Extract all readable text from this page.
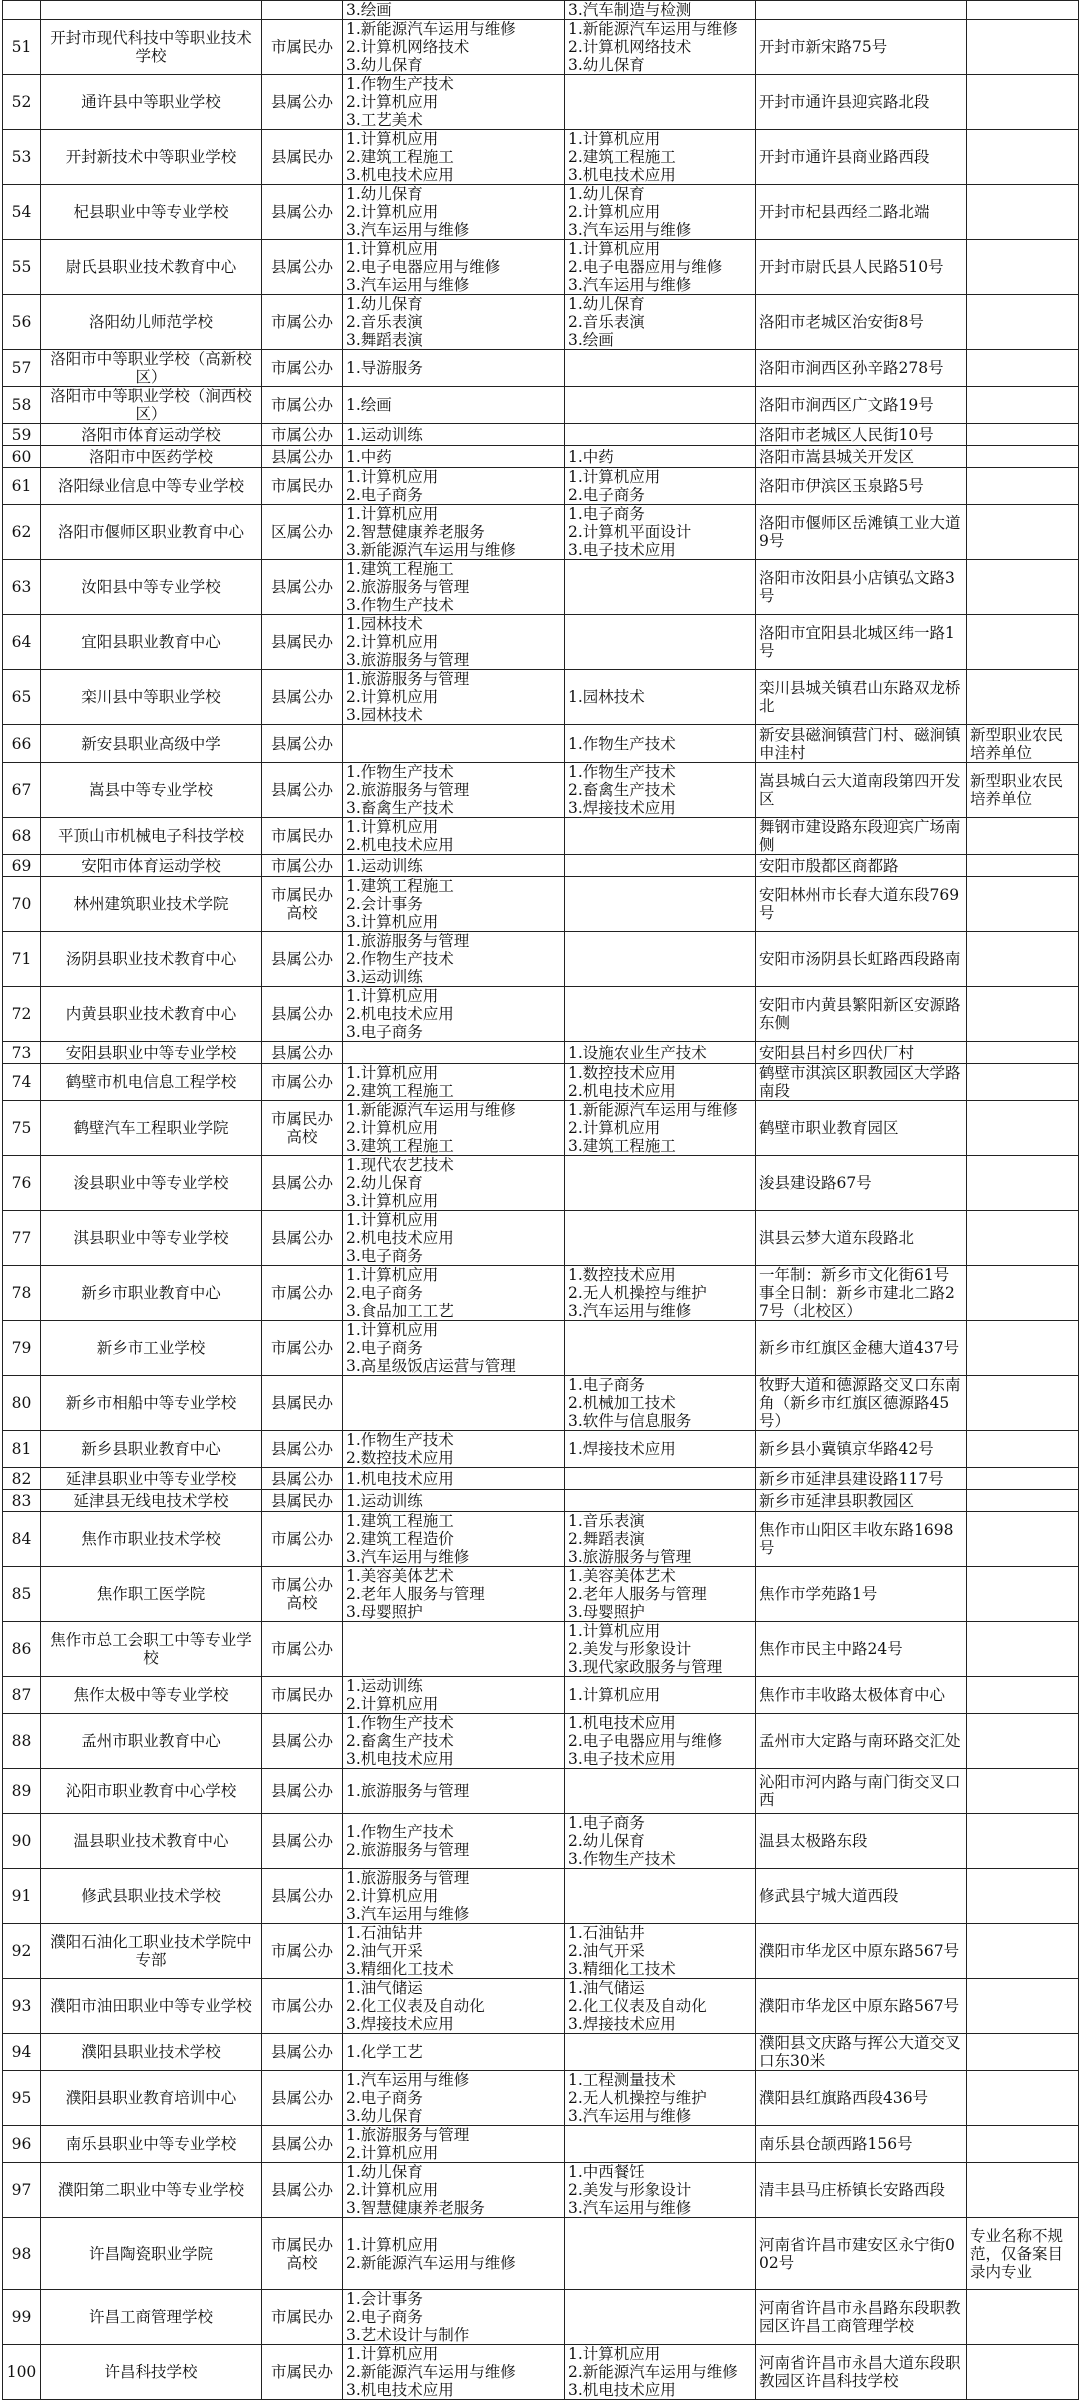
			3.绘画	3.汽车制造与检测		

51	开封市现代科技中等职业技术学校	市属民办	1.新能源汽车运用与维修
2.计算机网络技术
3.幼儿保育	1.新能源汽车运用与维修
2.计算机网络技术
3.幼儿保育	开封市新宋路75号	

52	通许县中等职业学校	县属公办	1.作物生产技术
2.计算机应用
3.工艺美术		开封市通许县迎宾路北段	

53	开封新技术中等职业学校	县属民办	1.计算机应用
2.建筑工程施工
3.机电技术应用	1.计算机应用
2.建筑工程施工
3.机电技术应用	开封市通许县商业路西段	

54	杞县职业中等专业学校	县属公办	1.幼儿保育
2.计算机应用
3.汽车运用与维修	1.幼儿保育
2.计算机应用
3.汽车运用与维修	开封市杞县西经二路北端	

55	尉氏县职业技术教育中心	县属公办	1.计算机应用
2.电子电器应用与维修
3.汽车运用与维修	1.计算机应用
2.电子电器应用与维修
3.汽车运用与维修	开封市尉氏县人民路510号	

56	洛阳幼儿师范学校	市属公办	1.幼儿保育
2.音乐表演
3.舞蹈表演	1.幼儿保育
2.音乐表演
3.绘画	洛阳市老城区治安街8号	

57	洛阳市中等职业学校（高新校区）	市属公办	1.导游服务		洛阳市涧西区孙辛路278号	

58	洛阳市中等职业学校（涧西校区）	市属公办	1.绘画		洛阳市涧西区广文路19号	

59	洛阳市体育运动学校	市属公办	1.运动训练		洛阳市老城区人民街10号	

60	洛阳市中医药学校	县属公办	1.中药	1.中药	洛阳市嵩县城关开发区	

61	洛阳绿业信息中等专业学校	市属民办	1.计算机应用
2.电子商务	1.计算机应用
2.电子商务	洛阳市伊滨区玉泉路5号	

62	洛阳市偃师区职业教育中心	区属公办	1.计算机应用
2.智慧健康养老服务
3.新能源汽车运用与维修	1.电子商务
2.计算机平面设计
3.电子技术应用	洛阳市偃师区岳滩镇工业大道9号	

63	汝阳县中等专业学校	县属公办	1.建筑工程施工
2.旅游服务与管理
3.作物生产技术		洛阳市汝阳县小店镇弘文路3号	

64	宜阳县职业教育中心	县属民办	1.园林技术
2.计算机应用
3.旅游服务与管理		洛阳市宜阳县北城区纬一路1号	

65	栾川县中等职业学校	县属公办	1.旅游服务与管理
2.计算机应用
3.园林技术	1.园林技术	栾川县城关镇君山东路双龙桥北	

66	新安县职业高级中学	县属公办		1.作物生产技术	新安县磁涧镇营门村、磁涧镇申洼村	新型职业农民培养单位

67	嵩县中等专业学校	县属公办	1.作物生产技术
2.旅游服务与管理
3.畜禽生产技术	1.作物生产技术
2.畜禽生产技术
3.焊接技术应用	嵩县城白云大道南段第四开发区	新型职业农民培养单位

68	平顶山市机械电子科技学校	市属民办	1.计算机应用
2.机电技术应用		舞钢市建设路东段迎宾广场南侧	

69	安阳市体育运动学校	市属公办	1.运动训练		安阳市殷都区商都路	

70	林州建筑职业技术学院	市属民办高校	1.建筑工程施工
2.会计事务
3.计算机应用		安阳林州市长春大道东段769号	

71	汤阴县职业技术教育中心	县属公办	1.旅游服务与管理
2.作物生产技术
3.运动训练		安阳市汤阴县长虹路西段路南	

72	内黄县职业技术教育中心	县属公办	1.计算机应用
2.机电技术应用
3.电子商务		安阳市内黄县繁阳新区安源路东侧	

73	安阳县职业中等专业学校	县属公办		1.设施农业生产技术	安阳县吕村乡四伏厂村	

74	鹤壁市机电信息工程学校	市属公办	1.计算机应用
2.建筑工程施工	1.数控技术应用
2.机电技术应用	鹤壁市淇滨区职教园区大学路南段	

75	鹤壁汽车工程职业学院	市属民办高校	1.新能源汽车运用与维修
2.计算机应用
3.建筑工程施工	1.新能源汽车运用与维修
2.计算机应用
3.建筑工程施工	鹤壁市职业教育园区	

76	浚县职业中等专业学校	县属公办	1.现代农艺技术
2.幼儿保育
3.计算机应用		浚县建设路67号	

77	淇县职业中等专业学校	县属公办	1.计算机应用
2.机电技术应用
3.电子商务		淇县云梦大道东段路北	

78	新乡市职业教育中心	市属公办	1.计算机应用
2.电子商务
3.食品加工工艺	1.数控技术应用
2.无人机操控与维护
3.汽车运用与维修	一年制：新乡市文化街61号 事全日制：新乡市建北二路27号（北校区）	

79	新乡市工业学校	市属公办	1.计算机应用
2.电子商务
3.高星级饭店运营与管理		新乡市红旗区金穗大道437号	

80	新乡市相船中等专业学校	县属民办		1.电子商务
2.机械加工技术
3.软件与信息服务	牧野大道和德源路交叉口东南角（新乡市红旗区德源路45号）	

81	新乡县职业教育中心	县属公办	1.作物生产技术
2.数控技术应用	1.焊接技术应用	新乡县小冀镇京华路42号	

82	延津县职业中等专业学校	县属公办	1.机电技术应用		新乡市延津县建设路117号	

83	延津县无线电技术学校	县属民办	1.运动训练		新乡市延津县职教园区	

84	焦作市职业技术学校	市属公办	1.建筑工程施工
2.建筑工程造价
3.汽车运用与维修	1.音乐表演
2.舞蹈表演
3.旅游服务与管理	焦作市山阳区丰收东路1698号	

85	焦作职工医学院	市属公办高校	1.美容美体艺术
2.老年人服务与管理
3.母婴照护	1.美容美体艺术
2.老年人服务与管理
3.母婴照护	焦作市学苑路1号	

86	焦作市总工会职工中等专业学校	市属公办		1.计算机应用
2.美发与形象设计
3.现代家政服务与管理	焦作市民主中路24号	

87	焦作太极中等专业学校	市属民办	1.运动训练
2.计算机应用	1.计算机应用	焦作市丰收路太极体育中心	

88	孟州市职业教育中心	县属公办	1.作物生产技术
2.畜禽生产技术
3.机电技术应用	1.机电技术应用
2.电子电器应用与维修
3.电子技术应用	孟州市大定路与南环路交汇处	

89	沁阳市职业教育中心学校	县属公办	1.旅游服务与管理		沁阳市河内路与南门街交叉口西	

90	温县职业技术教育中心	县属公办	1.作物生产技术
2.旅游服务与管理	1.电子商务
2.幼儿保育
3.作物生产技术	温县太极路东段	

91	修武县职业技术学校	县属公办	1.旅游服务与管理
2.计算机应用
3.汽车运用与维修		修武县宁城大道西段	

92	濮阳石油化工职业技术学院中专部	市属公办	1.石油钻井
2.油气开采
3.精细化工技术	1.石油钻井
2.油气开采
3.精细化工技术	濮阳市华龙区中原东路567号	

93	濮阳市油田职业中等专业学校	市属公办	1.油气储运
2.化工仪表及自动化
3.焊接技术应用	1.油气储运
2.化工仪表及自动化
3.焊接技术应用	濮阳市华龙区中原东路567号	

94	濮阳县职业技术学校	县属公办	1.化学工艺		濮阳县文庆路与挥公大道交叉口东30米	

95	濮阳县职业教育培训中心	县属公办	1.汽车运用与维修
2.电子商务
3.幼儿保育	1.工程测量技术
2.无人机操控与维护
3.汽车运用与维修	濮阳县红旗路西段436号	

96	南乐县职业中等专业学校	县属公办	1.旅游服务与管理
2.计算机应用		南乐县仓颉西路156号	

97	濮阳第二职业中等专业学校	县属公办	1.幼儿保育
2.计算机应用
3.智慧健康养老服务	1.中西餐饪
2.美发与形象设计
3.汽车运用与维修	清丰县马庄桥镇长安路西段	

98	许昌陶瓷职业学院	市属民办高校	1.计算机应用
2.新能源汽车运用与维修		河南省许昌市建安区永宁街002号	专业名称不规范，仅备案目录内专业

99	许昌工商管理学校	市属民办	1.会计事务
2.电子商务
3.艺术设计与制作		河南省许昌市永昌路东段职教园区许昌工商管理学校	

100	许昌科技学校	市属民办	1.计算机应用
2.新能源汽车运用与维修
3.机电技术应用	1.计算机应用
2.新能源汽车运用与维修
3.机电技术应用	河南省许昌市永昌大道东段职教园区许昌科技学校	
